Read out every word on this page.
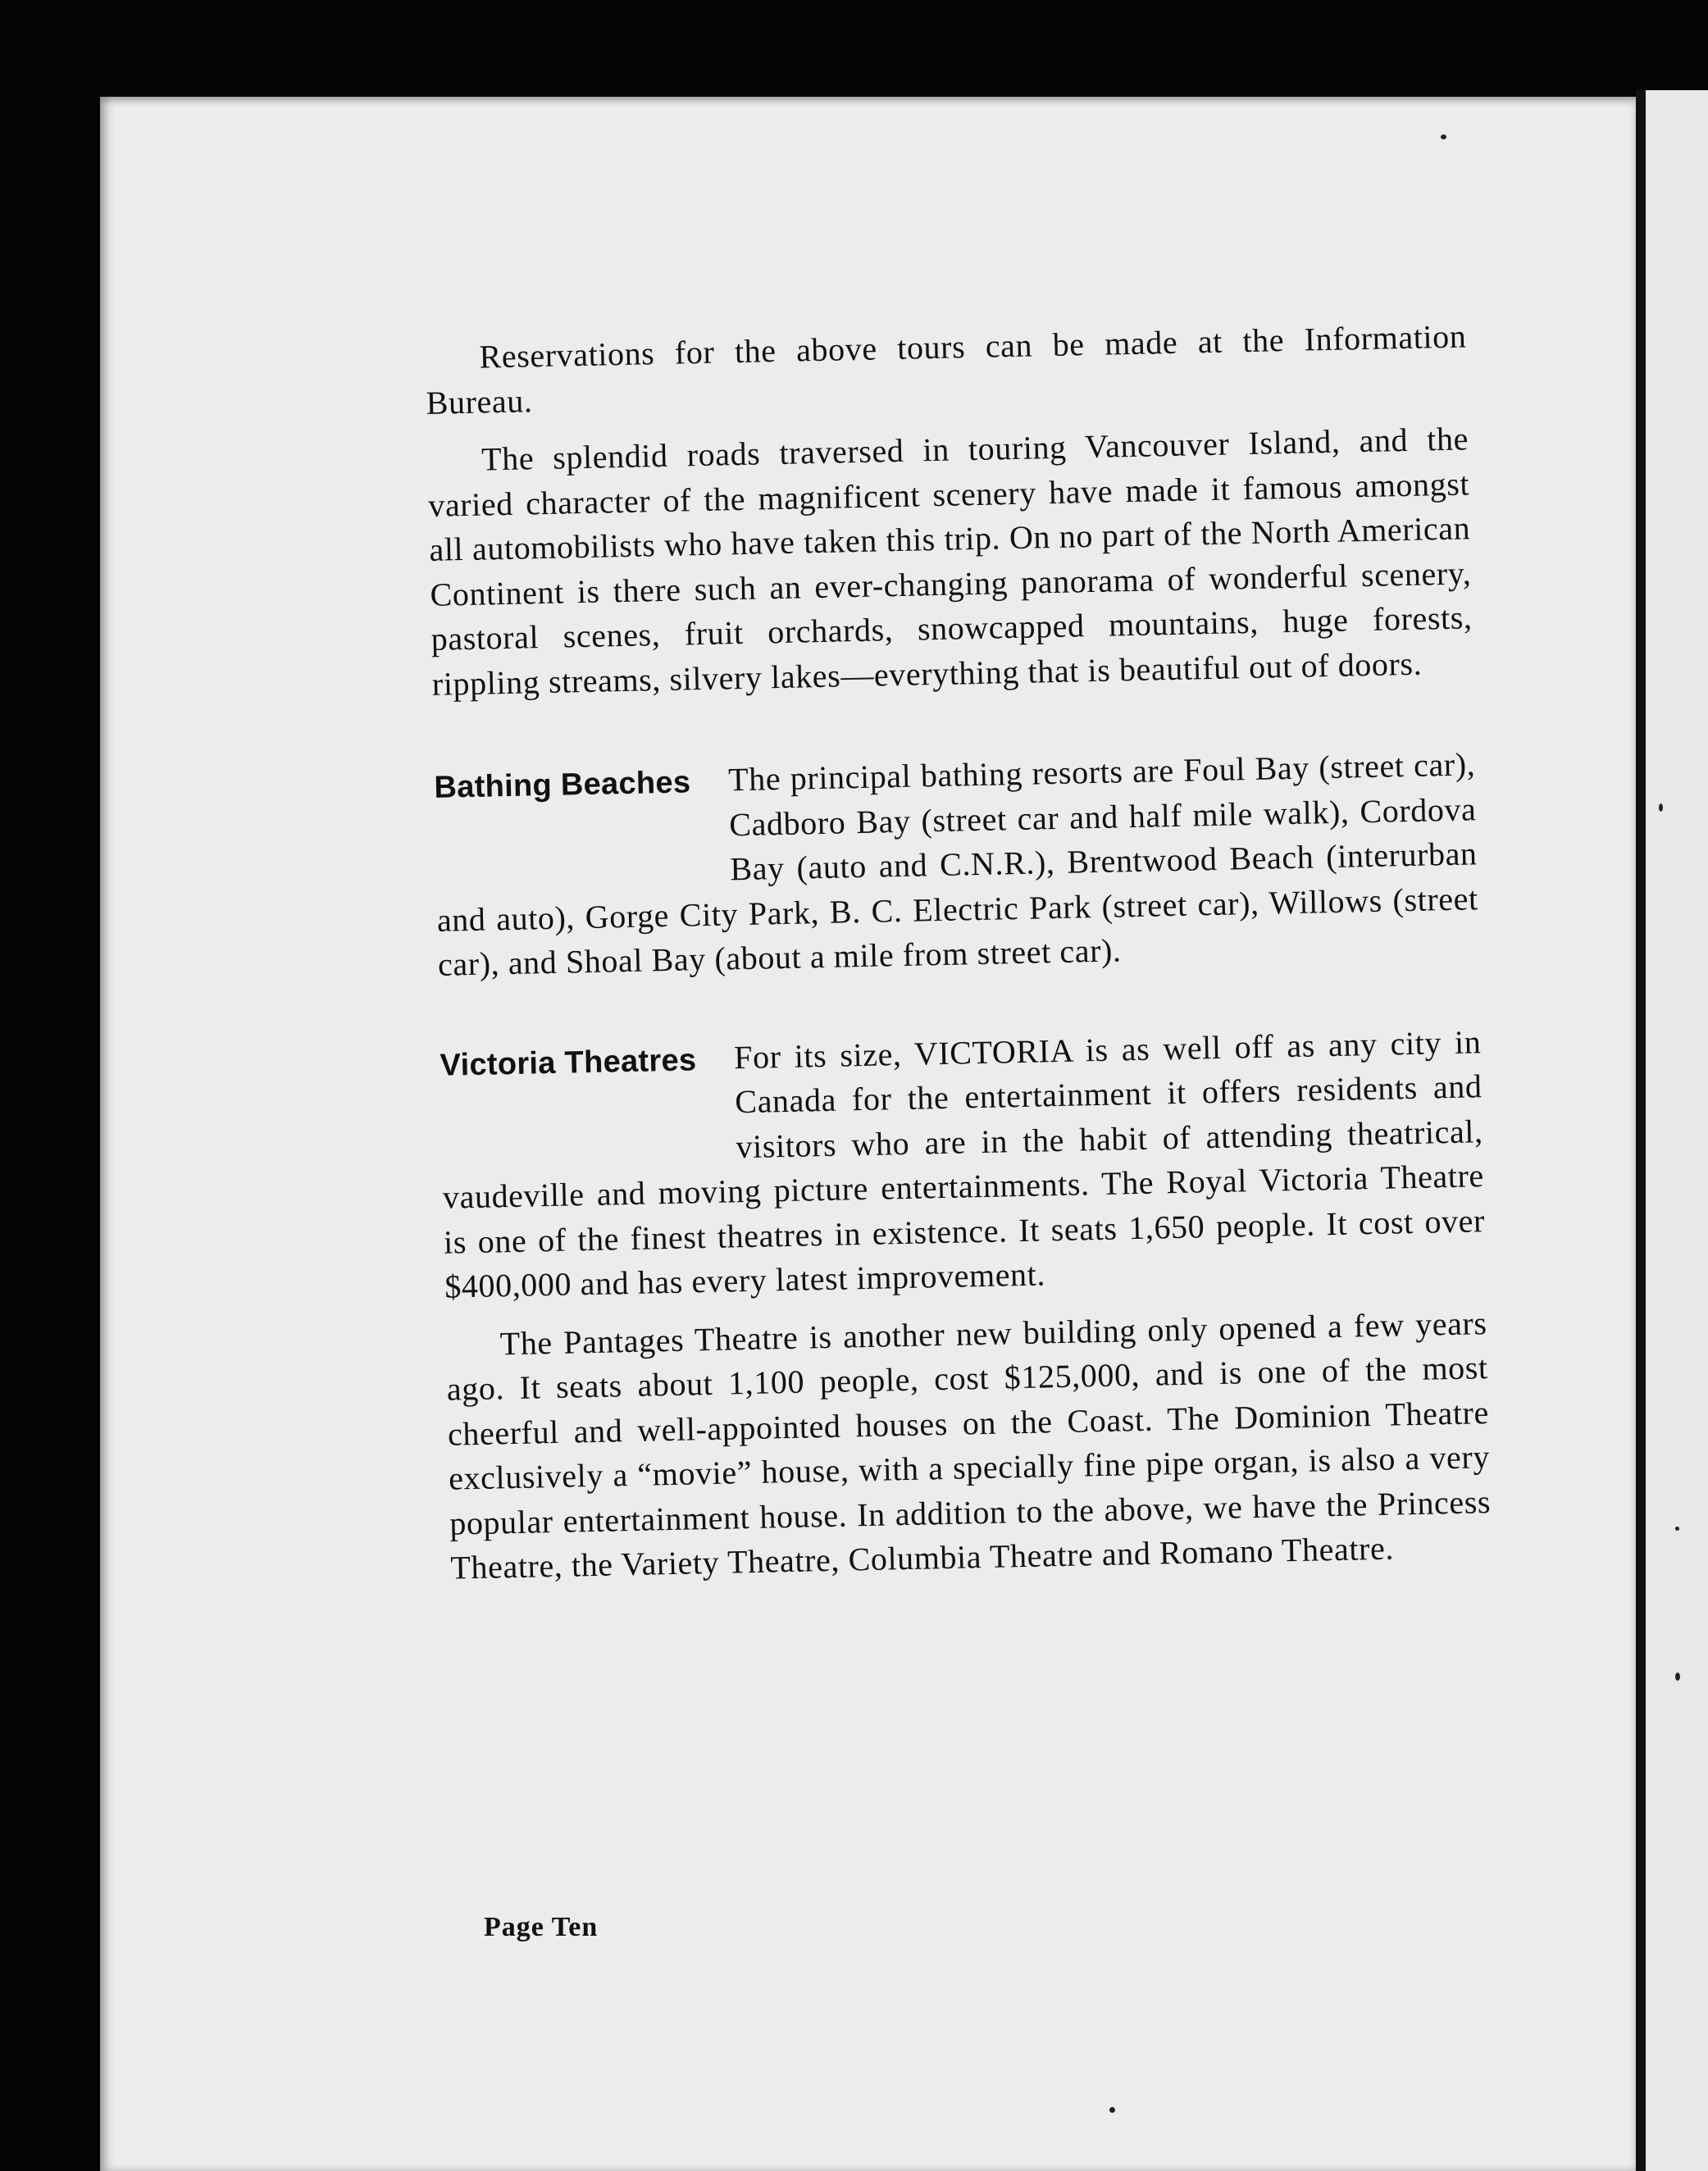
Reservations for the above tours can be made at the Information Bureau.

The splendid roads traversed in touring Vancouver Island, and the varied character of the magnificent scenery have made it famous amongst all automobilists who have taken this trip. On no part of the North American Continent is there such an ever-changing panorama of wonderful scenery, pastoral scenes, fruit orchards, snowcapped mountains, huge forests, rippling streams, silvery lakes—everything that is beautiful out of doors.

Bathing Beaches	The principal bathing resorts are Foul Bay (street car), Cadboro Bay (street car and half mile walk), Cordova Bay (auto and C.N.R.), Brentwood Beach (interurban and auto), Gorge City Park, B. C. Electric Park (street car), Willows (street car), and Shoal Bay (about a mile from street car).

Victoria Theatres	For its size, VICTORIA is as well off as any city in Canada for the entertainment it offers residents and visitors who are in the habit of attending theatrical, vaudeville and moving picture entertainments. The Royal Victoria Theatre is one of the finest theatres in existence. It seats 1,650 people. It cost over $400,000 and has every latest improvement.

The Pantages Theatre is another new building only opened a few years ago. It seats about 1,100 people, cost $125,000, and is one of the most cheerful and well-appointed houses on the Coast. The Dominion Theatre exclusively a “movie” house, with a specially fine pipe organ, is also a very popular entertainment house. In addition to the above, we have the Princess Theatre, the Variety Theatre, Columbia Theatre and Romano Theatre.

Page Ten
